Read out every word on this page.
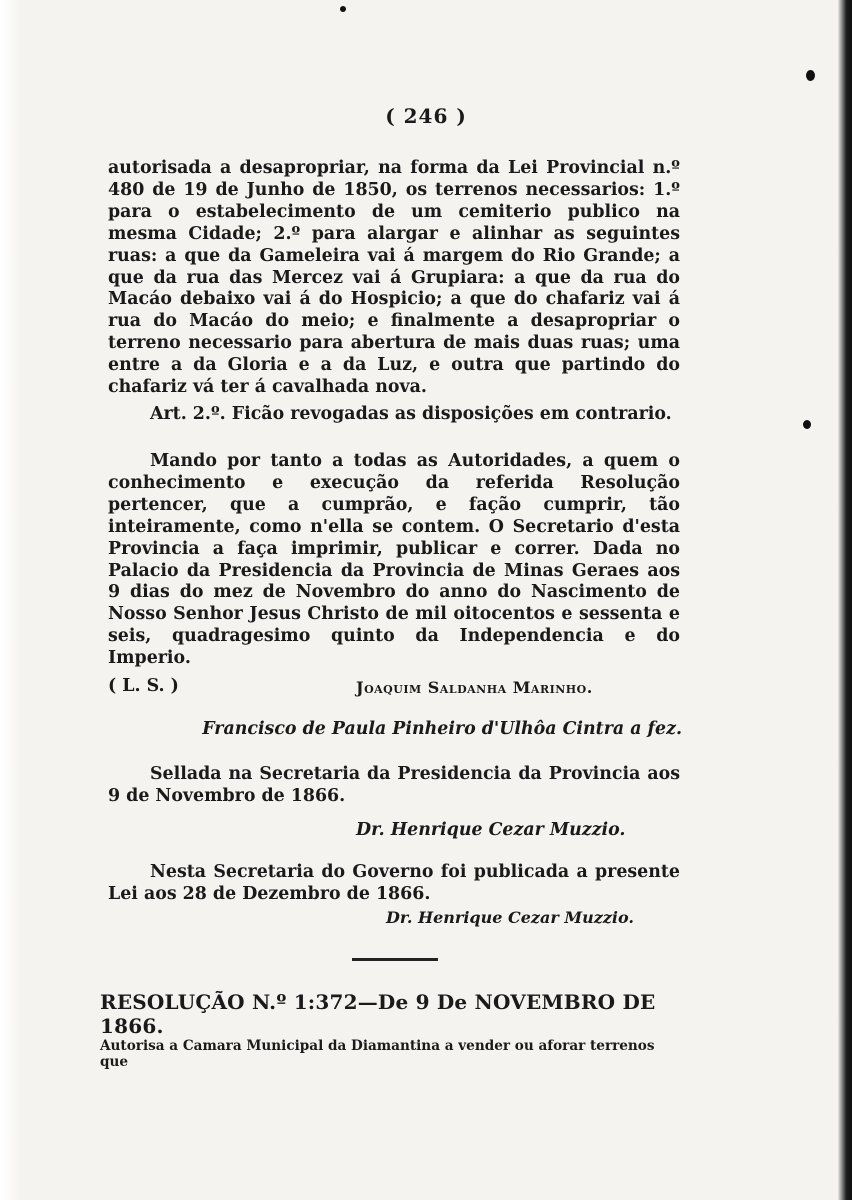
( 246 )

autorisada a desapropriar, na forma da Lei Provincial n.º 480 de 19 de Junho de 1850, os terrenos necessarios: 1.º para o estabelecimento de um cemiterio publico na mesma Cidade; 2.º para alargar e alinhar as seguintes ruas: a que da Gameleira vai á margem do Rio Grande; a que da rua das Mercez vai á Grupiara: a que da rua do Macáo debaixo vai á do Hospicio; a que do chafariz vai á rua do Macáo do meio; e finalmente a desapropriar o terreno necessario para abertura de mais duas ruas; uma entre a da Gloria e a da Luz, e outra que partindo do chafariz vá ter á cavalhada nova.

Art. 2.º. Ficão revogadas as disposições em contrario.

Mando por tanto a todas as Autoridades, a quem o conhecimento e execução da referida Resolução pertencer, que a cumprão, e fação cumprir, tão inteiramente, como n'ella se contem. O Secretario d'esta Provincia a faça imprimir, publicar e correr. Dada no Palacio da Presidencia da Provincia de Minas Geraes aos 9 dias do mez de Novembro do anno do Nascimento de Nosso Senhor Jesus Christo de mil oitocentos e sessenta e seis, quadragesimo quinto da Independencia e do Imperio.

( L. S. )	Joaquim Saldanha Marinho.
Francisco de Paula Pinheiro d'Ulhôa Cintra a fez.

Sellada na Secretaria da Presidencia da Provincia aos 9 de Novembro de 1866.

Dr. Henrique Cezar Muzzio.

Nesta Secretaria do Governo foi publicada a presente Lei aos 28 de Dezembro de 1866.

Dr. Henrique Cezar Muzzio.
RESOLUÇÃO N.º 1:372—De 9 De NOVEMBRO DE 1866.
Autorisa a Camara Municipal da Diamantina a vender ou aforar terrenos que
